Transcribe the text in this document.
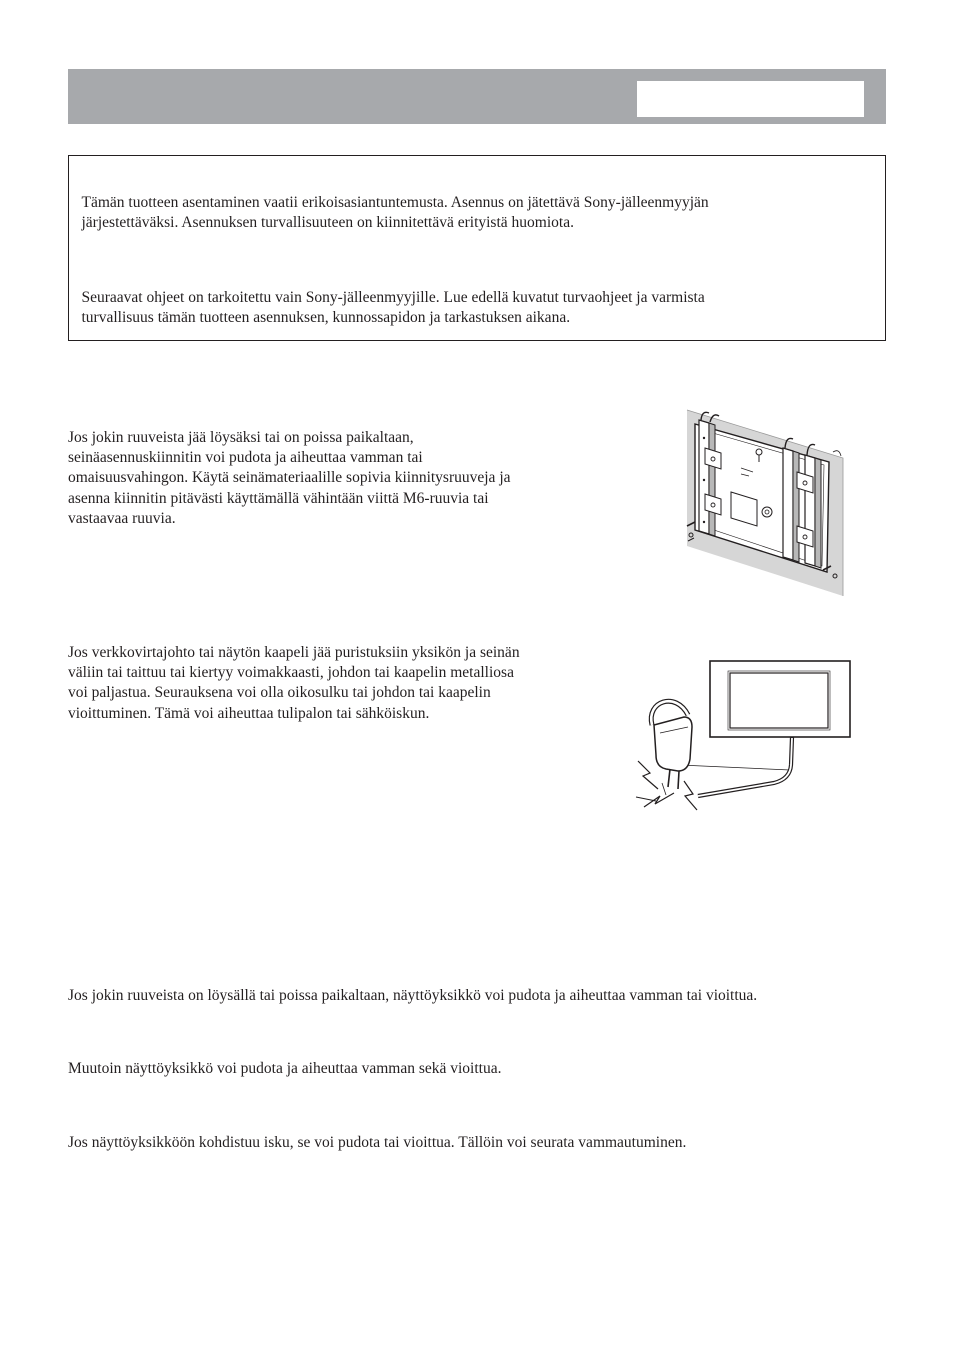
Tämän tuotteen asentaminen vaatii erikoisasiantuntemusta. Asennus on jätettävä Sony-jälleenmyyjän
järjestettäväksi. Asennuksen turvallisuuteen on kiinnitettävä erityistä huomiota.
Seuraavat ohjeet on tarkoitettu vain Sony-jälleenmyyjille. Lue edellä kuvatut turvaohjeet ja varmista
turvallisuus tämän tuotteen asennuksen, kunnossapidon ja tarkastuksen aikana.
Jos jokin ruuveista jää löysäksi tai on poissa paikaltaan,
seinäasennuskiinnitin voi pudota ja aiheuttaa vamman tai
omaisuusvahingon. Käytä seinämateriaalille sopivia kiinnitysruuveja ja
asenna kiinnitin pitävästi käyttämällä vähintään viittä M6-ruuvia tai
vastaavaa ruuvia.
Jos verkkovirtajohto tai näytön kaapeli jää puristuksiin yksikön ja seinän
väliin tai taittuu tai kiertyy voimakkaasti, johdon tai kaapelin metalliosa
voi paljastua. Seurauksena voi olla oikosulku tai johdon tai kaapelin
vioittuminen. Tämä voi aiheuttaa tulipalon tai sähköiskun.
Jos jokin ruuveista on löysällä tai poissa paikaltaan, näyttöyksikkö voi pudota ja aiheuttaa vamman tai vioittua.
Muutoin näyttöyksikkö voi pudota ja aiheuttaa vamman sekä vioittua.
Jos näyttöyksikköön kohdistuu isku, se voi pudota tai vioittua. Tällöin voi seurata vammautuminen.
